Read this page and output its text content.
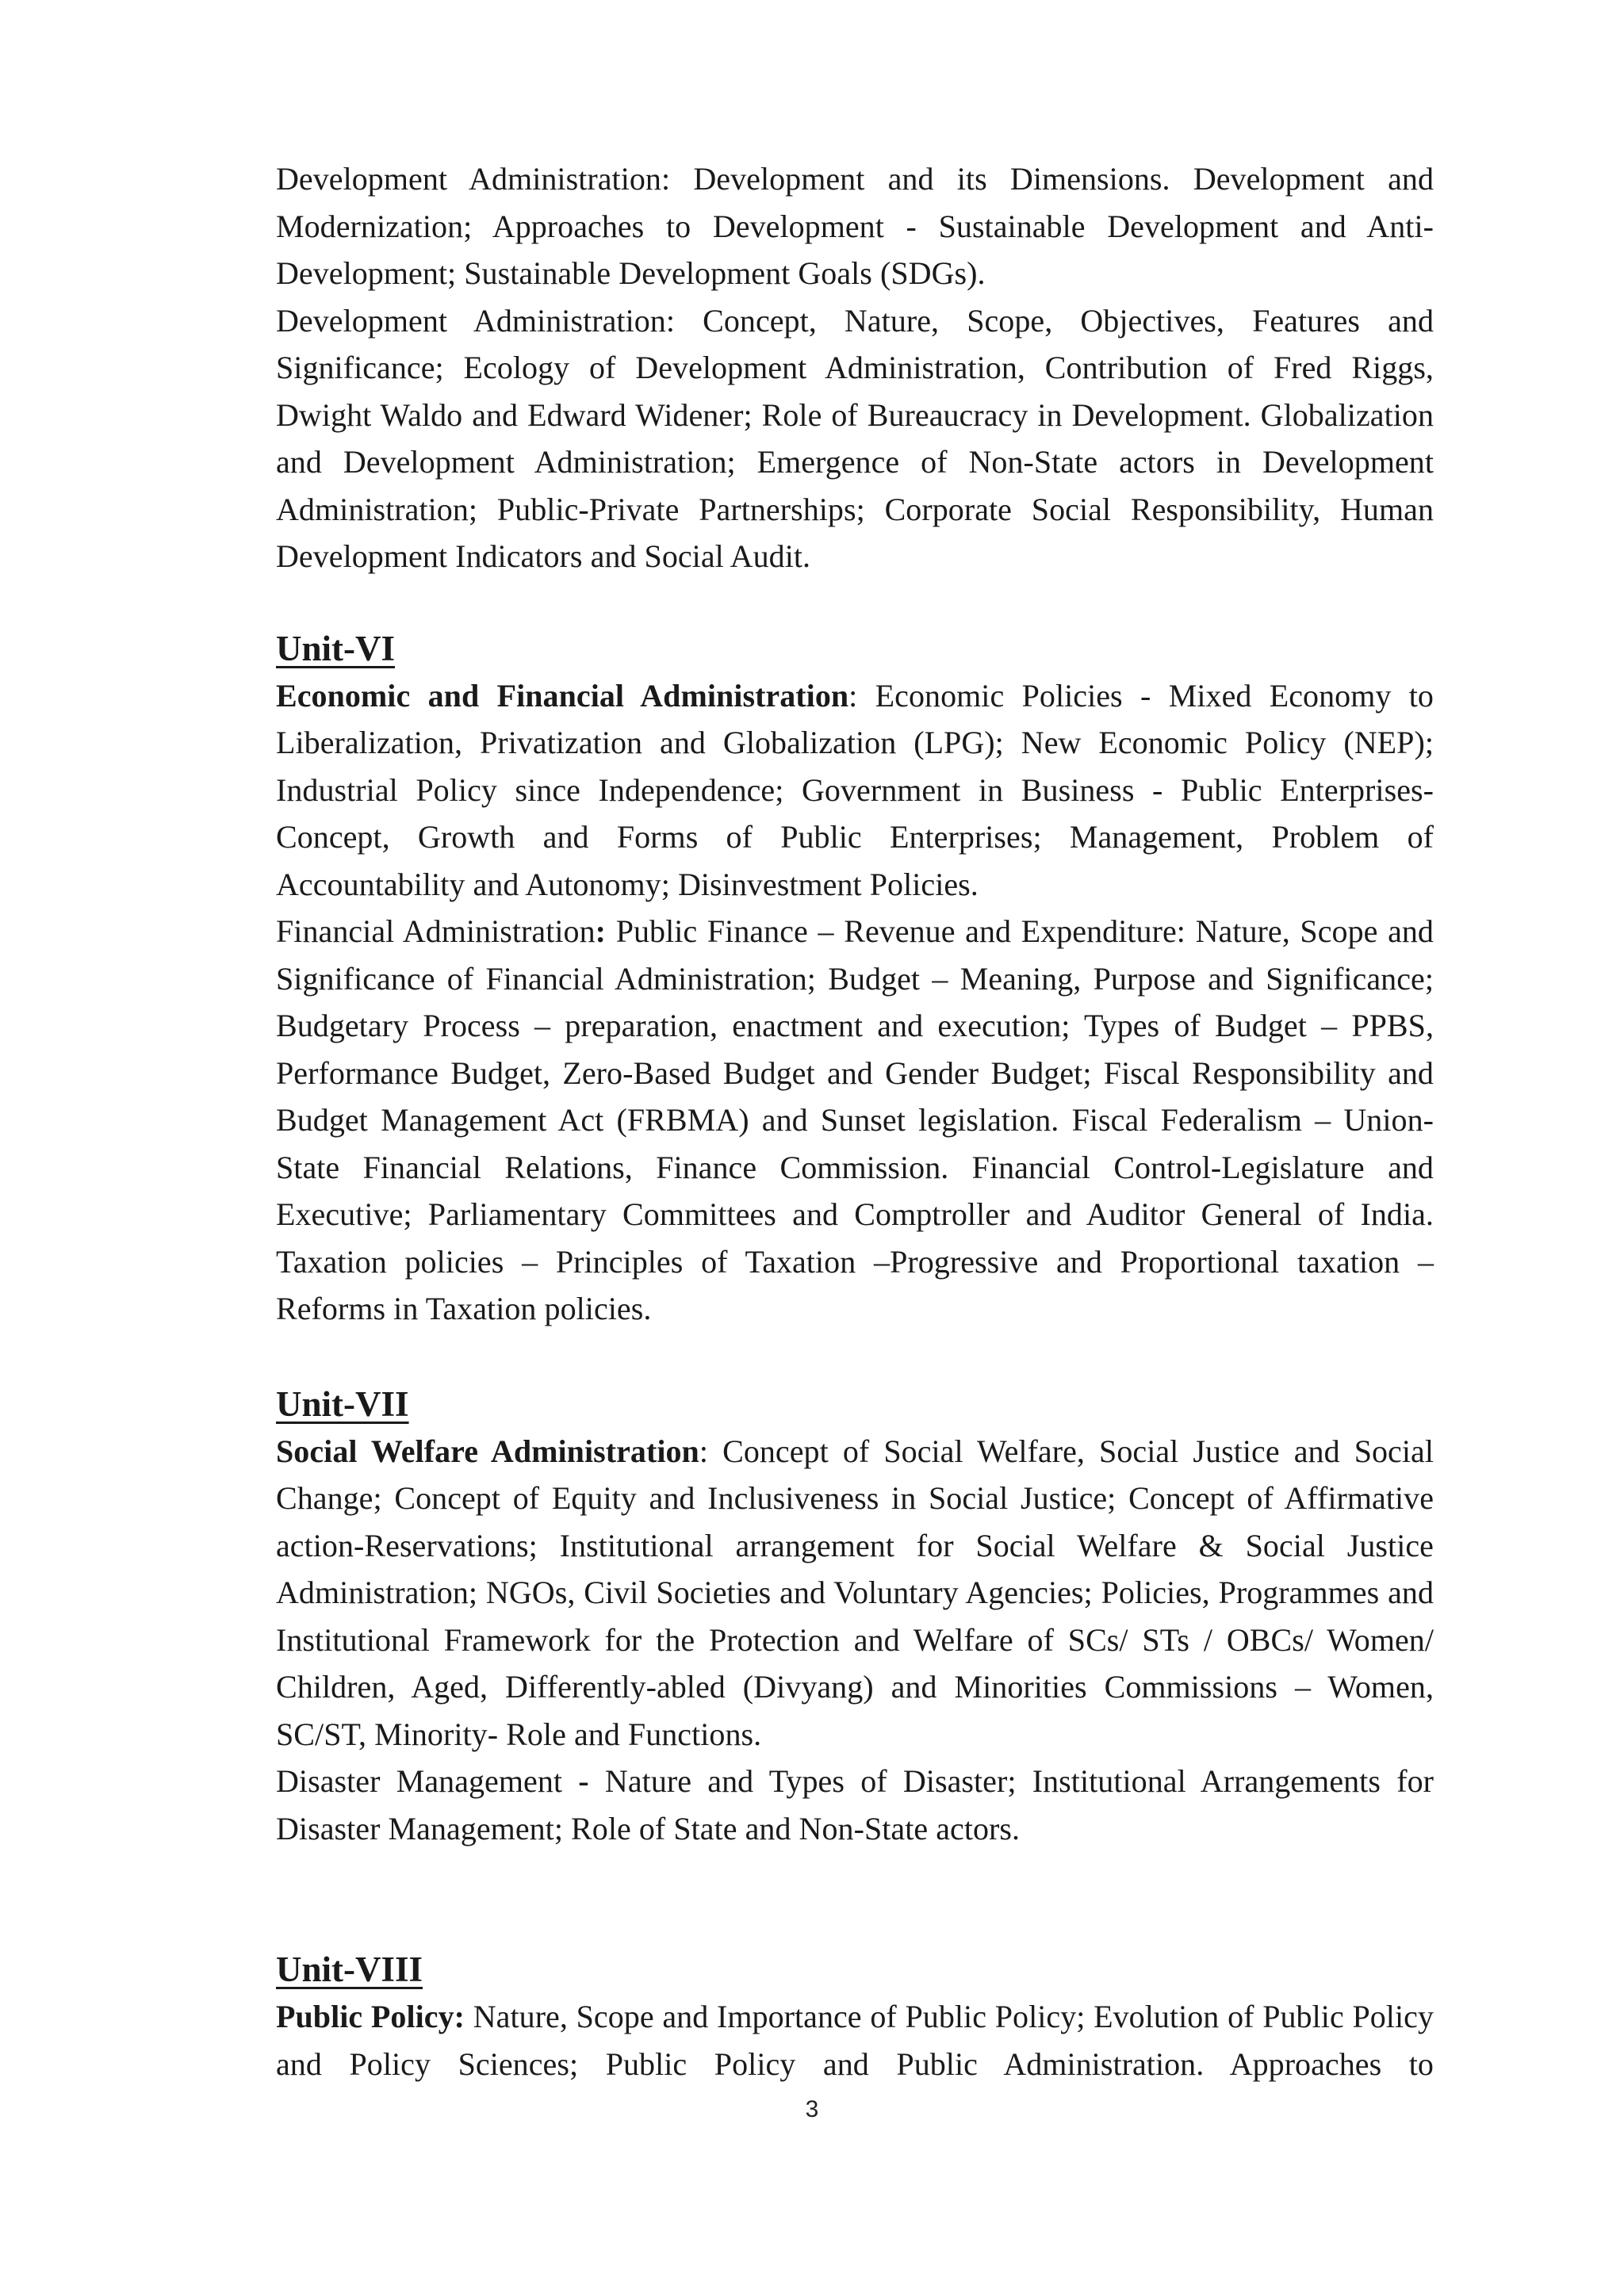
Development Administration: Development and its Dimensions. Development and Modernization; Approaches to Development - Sustainable Development and Anti-Development; Sustainable Development Goals (SDGs).

Development Administration: Concept, Nature, Scope, Objectives, Features and Significance; Ecology of Development Administration, Contribution of Fred Riggs, Dwight Waldo and Edward Widener; Role of Bureaucracy in Development. Globalization and Development Administration; Emergence of Non-State actors in Development Administration; Public-Private Partnerships; Corporate Social Responsibility, Human Development Indicators and Social Audit.

Unit-VI

Economic and Financial Administration: Economic Policies - Mixed Economy to Liberalization, Privatization and Globalization (LPG); New Economic Policy (NEP); Industrial Policy since Independence; Government in Business - Public Enterprises-Concept, Growth and Forms of Public Enterprises; Management, Problem of Accountability and Autonomy; Disinvestment Policies.

Financial Administration: Public Finance – Revenue and Expenditure: Nature, Scope and Significance of Financial Administration; Budget – Meaning, Purpose and Significance; Budgetary Process – preparation, enactment and execution; Types of Budget – PPBS, Performance Budget, Zero-Based Budget and Gender Budget; Fiscal Responsibility and Budget Management Act (FRBMA) and Sunset legislation. Fiscal Federalism – Union-State Financial Relations, Finance Commission. Financial Control-Legislature and Executive; Parliamentary Committees and Comptroller and Auditor General of India. Taxation policies – Principles of Taxation –Progressive and Proportional taxation – Reforms in Taxation policies.

Unit-VII

Social Welfare Administration: Concept of Social Welfare, Social Justice and Social Change; Concept of Equity and Inclusiveness in Social Justice; Concept of Affirmative action-Reservations; Institutional arrangement for Social Welfare & Social Justice Administration; NGOs, Civil Societies and Voluntary Agencies; Policies, Programmes and Institutional Framework for the Protection and Welfare of SCs/ STs / OBCs/ Women/ Children, Aged, Differently-abled (Divyang) and Minorities Commissions – Women, SC/ST, Minority- Role and Functions.

Disaster Management - Nature and Types of Disaster; Institutional Arrangements for Disaster Management; Role of State and Non-State actors.

Unit-VIII

Public Policy: Nature, Scope and Importance of Public Policy; Evolution of Public Policy and Policy Sciences; Public Policy and Public Administration. Approaches to

3
